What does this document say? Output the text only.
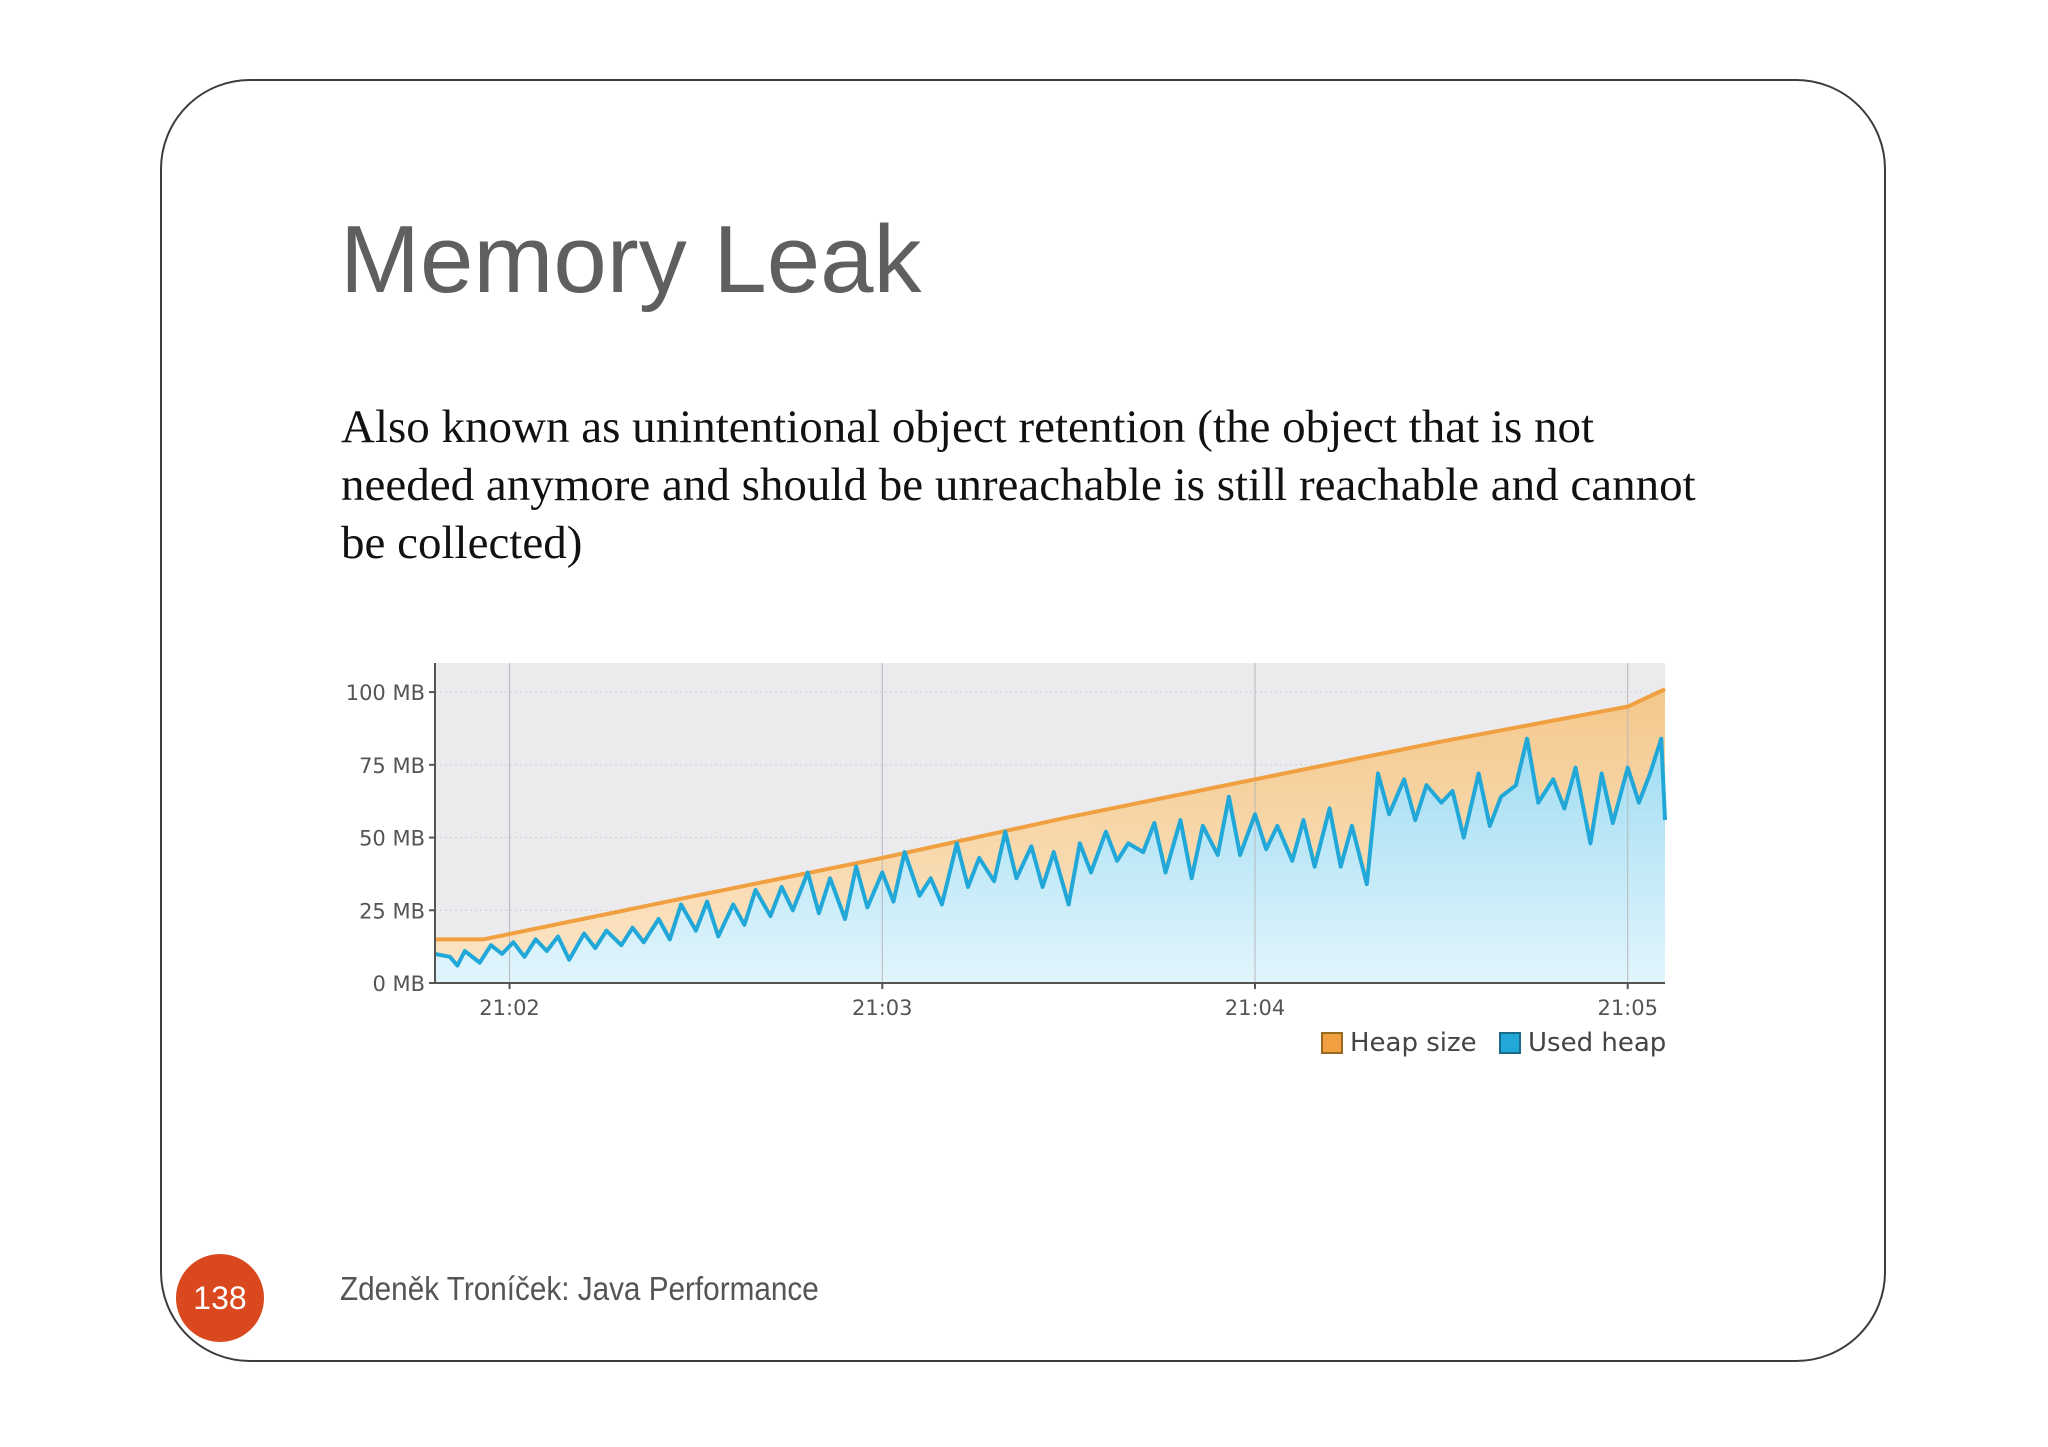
Memory Leak
Also known as unintentional object retention (the object that is not needed anymore and should be unreachable is still reachable and cannot be collected)
0 MB
25 MB
50 MB
75 MB
100 MB
21:02	21:03	21:04	21:05
Heap size Used heap
138	Zdeněk Troníček: Java Performance
